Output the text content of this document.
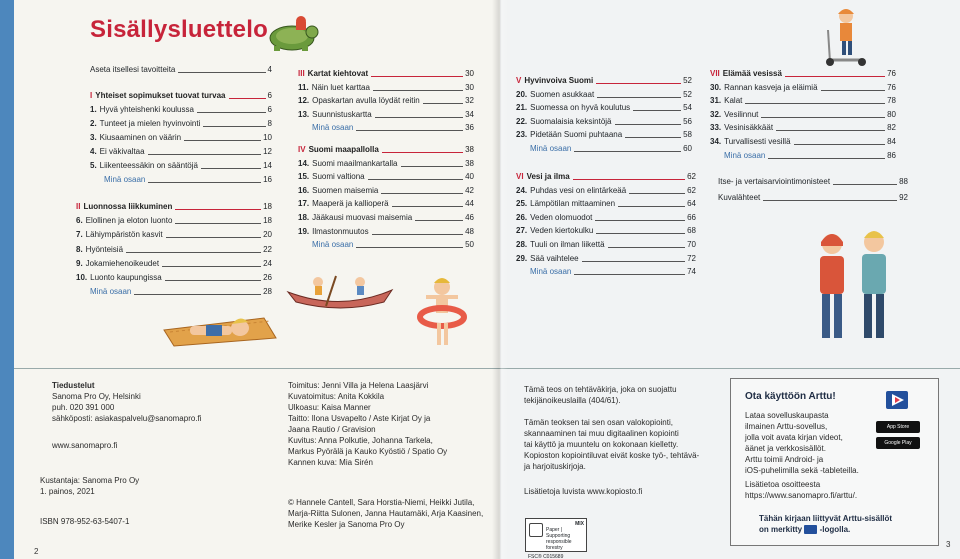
Sisällysluettelo
Aseta itsellesi tavoitteita	4
I Yhteiset sopimukset tuovat turvaa	6
1. Hyvä yhteishenki koulussa	6
2. Tunteet ja mielen hyvinvointi	8
3. Kiusaaminen on väärin	10
4. Ei väkivaltaa	12
5. Liikenteessäkin on sääntöjä	14
Minä osaan	16
II Luonnossa liikkuminen	18
6. Elollinen ja eloton luonto	18
7. Lähiympäristön kasvit	20
8. Hyönteisiä	22
9. Jokamiehenoikeudet	24
10. Luonto kaupungissa	26
Minä osaan	28
III Kartat kiehtovat	30
11. Näin luet karttaa	30
12. Opaskartan avulla löydät reitin	32
13. Suunnistuskartta	34
Minä osaan	36
IV Suomi maapallolla	38
14. Suomi maailmankartalla	38
15. Suomi valtiona	40
16. Suomen maisemia	42
17. Maaperä ja kallioperä	44
18. Jääkausi muovasi maisemia	46
19. Ilmastonmuutos	48
Minä osaan	50
V Hyvinvoiva Suomi	52
20. Suomen asukkaat	52
21. Suomessa on hyvä koulutus	54
22. Suomalaisia keksintöjä	56
23. Pidetään Suomi puhtaana	58
Minä osaan	60
VI Vesi ja ilma	62
24. Puhdas vesi on elintärkeää	62
25. Lämpötilan mittaaminen	64
26. Veden olomuodot	66
27. Veden kiertokulku	68
28. Tuuli on ilman liikettä	70
29. Sää vaihtelee	72
Minä osaan	74
VII Elämää vesissä	76
30. Rannan kasveja ja eläimiä	76
31. Kalat	78
32. Vesilinnut	80
33. Vesinisäkkäät	82
34. Turvallisesti vesillä	84
Minä osaan	86
Itse- ja vertaisarviointimonisteet	88
Kuvalähteet	92
Tiedustelut
Sanoma Pro Oy, Helsinki
puh. 020 391 000
sähköposti: asiakaspalvelu@sanomapro.fi
www.sanomapro.fi
Kustantaja: Sanoma Pro Oy
1. painos, 2021
ISBN 978-952-63-5407-1
Toimitus: Jenni Villa ja Helena Laasjärvi
Kuvatoimitus: Anita Kokkila
Ulkoasu: Kaisa Manner
Taitto: Ilona Usvapelto / Aste Kirjat Oy ja
Jaana Rautio / Gravision
Kuvitus: Anna Polkutie, Johanna Tarkela,
Markus Pyörälä ja Kauko Kyöstiö / Spatio Oy
Kannen kuva: Mia Sirén

© Hannele Cantell, Sara Horstia-Niemi, Heikki Jutila,
Marja-Riitta Sulonen, Janna Hautamäki, Arja Kaasinen,
Merike Kesler ja Sanoma Pro Oy

Tämä teos on tehtäväkirja, joka on suojattu
tekijänoikeuslailla (404/61).

Tämän teoksen tai sen osan valokopiointi,
skannaaminen tai muu digitaalinen kopiointi
tai käyttö ja muuntelu on kokonaan kielletty.
Kopioston kopiointiluvat eivät koske työ-, tehtävä-
ja harjoituskirjoja.

Lisätietoja luvista www.kopiosto.fi
MIX
Paper | Supporting responsible forestry
FSC® C015689
Ota käyttöön Arttu!
Lataa sovelluskaupasta
ilmainen Arttu-sovellus,
jolla voit avata kirjan videot,
äänet ja verkkosisällöt.
Arttu toimii Android- ja
iOS-puhelimilla sekä -tableteilla.

App Store
Google Play
Lisätietoa osoitteesta
https://www.sanomapro.fi/arttu/.
Tähän kirjaan liittyvät Arttu-sisällöt
on merkitty -logolla.
2
3
